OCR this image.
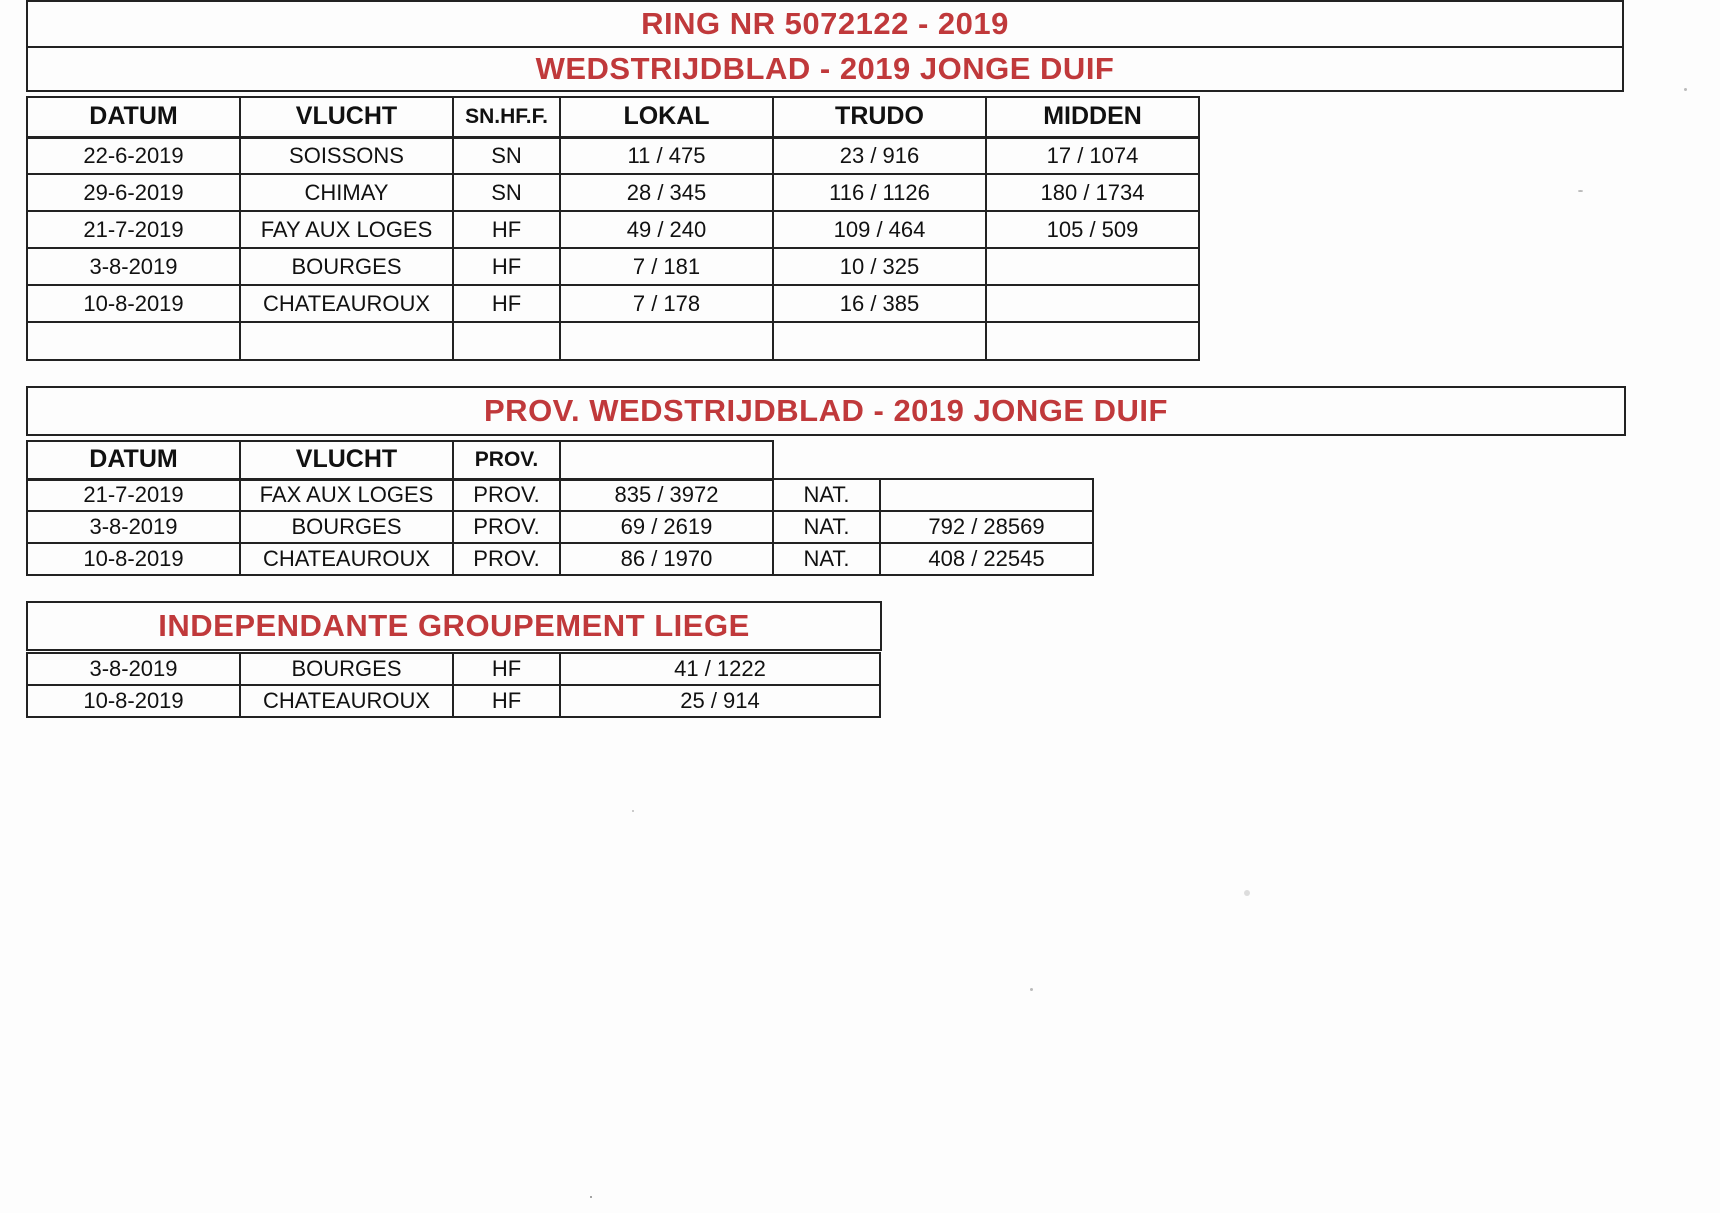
RING NR 5072122 - 2019
WEDSTRIJDBLAD - 2019 JONGE DUIF
DATUM	VLUCHT	SN.HF.F.	LOKAL	TRUDO	MIDDEN
22-6-2019	SOISSONS	SN	11 / 475	23 / 916	17 / 1074
29-6-2019	CHIMAY	SN	28 / 345	116 / 1126	180 / 1734
21-7-2019	FAY AUX LOGES	HF	49 / 240	109 / 464	105 / 509
3-8-2019	BOURGES	HF	7 / 181	10 / 325	
10-8-2019	CHATEAUROUX	HF	7 / 178	16 / 385	

PROV. WEDSTRIJDBLAD - 2019 JONGE DUIF
DATUM	VLUCHT	PROV.			
21-7-2019	FAX AUX LOGES	PROV.	835 / 3972	NAT.	
3-8-2019	BOURGES	PROV.	69 / 2619	NAT.	792 / 28569
10-8-2019	CHATEAUROUX	PROV.	86 / 1970	NAT.	408 / 22545
INDEPENDANTE GROUPEMENT LIEGE
3-8-2019	BOURGES	HF	41 / 1222
10-8-2019	CHATEAUROUX	HF	25 / 914
